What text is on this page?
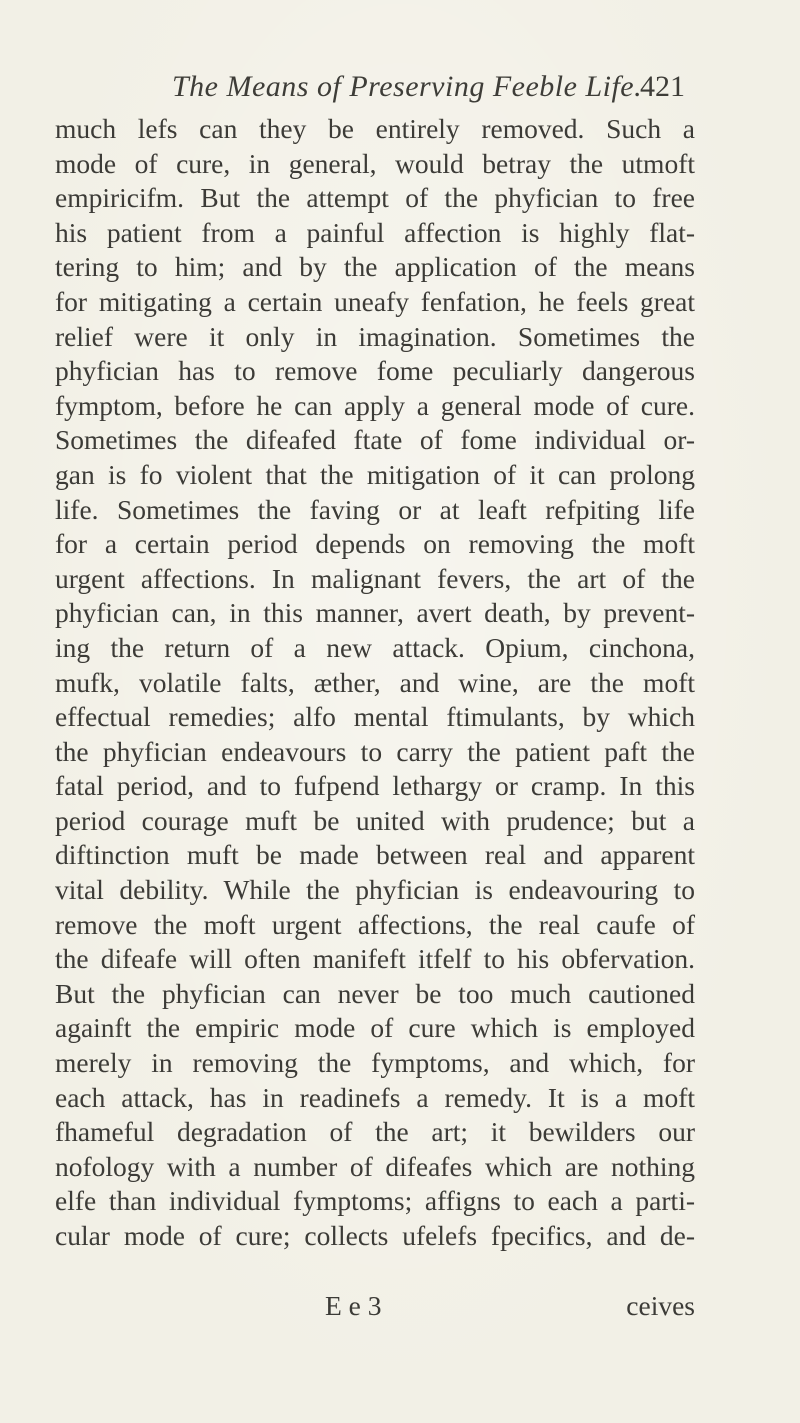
The Means of Preserving Feeble Life.
421
much lefs can they be entirely removed. Such a
mode of cure, in general, would betray the utmoft
empiricifm. But the attempt of the phyfician to free
his patient from a painful affection is highly flat-
tering to him; and by the application of the means
for mitigating a certain uneafy fenfation, he feels great
relief were it only in imagination. Sometimes the
phyfician has to remove fome peculiarly dangerous
fymptom, before he can apply a general mode of cure.
Sometimes the difeafed ftate of fome individual or-
gan is fo violent that the mitigation of it can prolong
life. Sometimes the faving or at leaft refpiting life
for a certain period depends on removing the moft
urgent affections. In malignant fevers, the art of the
phyfician can, in this manner, avert death, by prevent-
ing the return of a new attack. Opium, cinchona,
mufk, volatile falts, æther, and wine, are the moft
effectual remedies; alfo mental ftimulants, by which
the phyfician endeavours to carry the patient paft the
fatal period, and to fufpend lethargy or cramp. In this
period courage muft be united with prudence; but a
diftinction muft be made between real and apparent
vital debility. While the phyfician is endeavouring to
remove the moft urgent affections, the real caufe of
the difeafe will often manifeft itfelf to his obfervation.
But the phyfician can never be too much cautioned
againft the empiric mode of cure which is employed
merely in removing the fymptoms, and which, for
each attack, has in readinefs a remedy. It is a moft
fhameful degradation of the art; it bewilders our
nofology with a number of difeafes which are nothing
elfe than individual fymptoms; affigns to each a parti-
cular mode of cure; collects ufelefs fpecifics, and de-
E e 3	ceives
